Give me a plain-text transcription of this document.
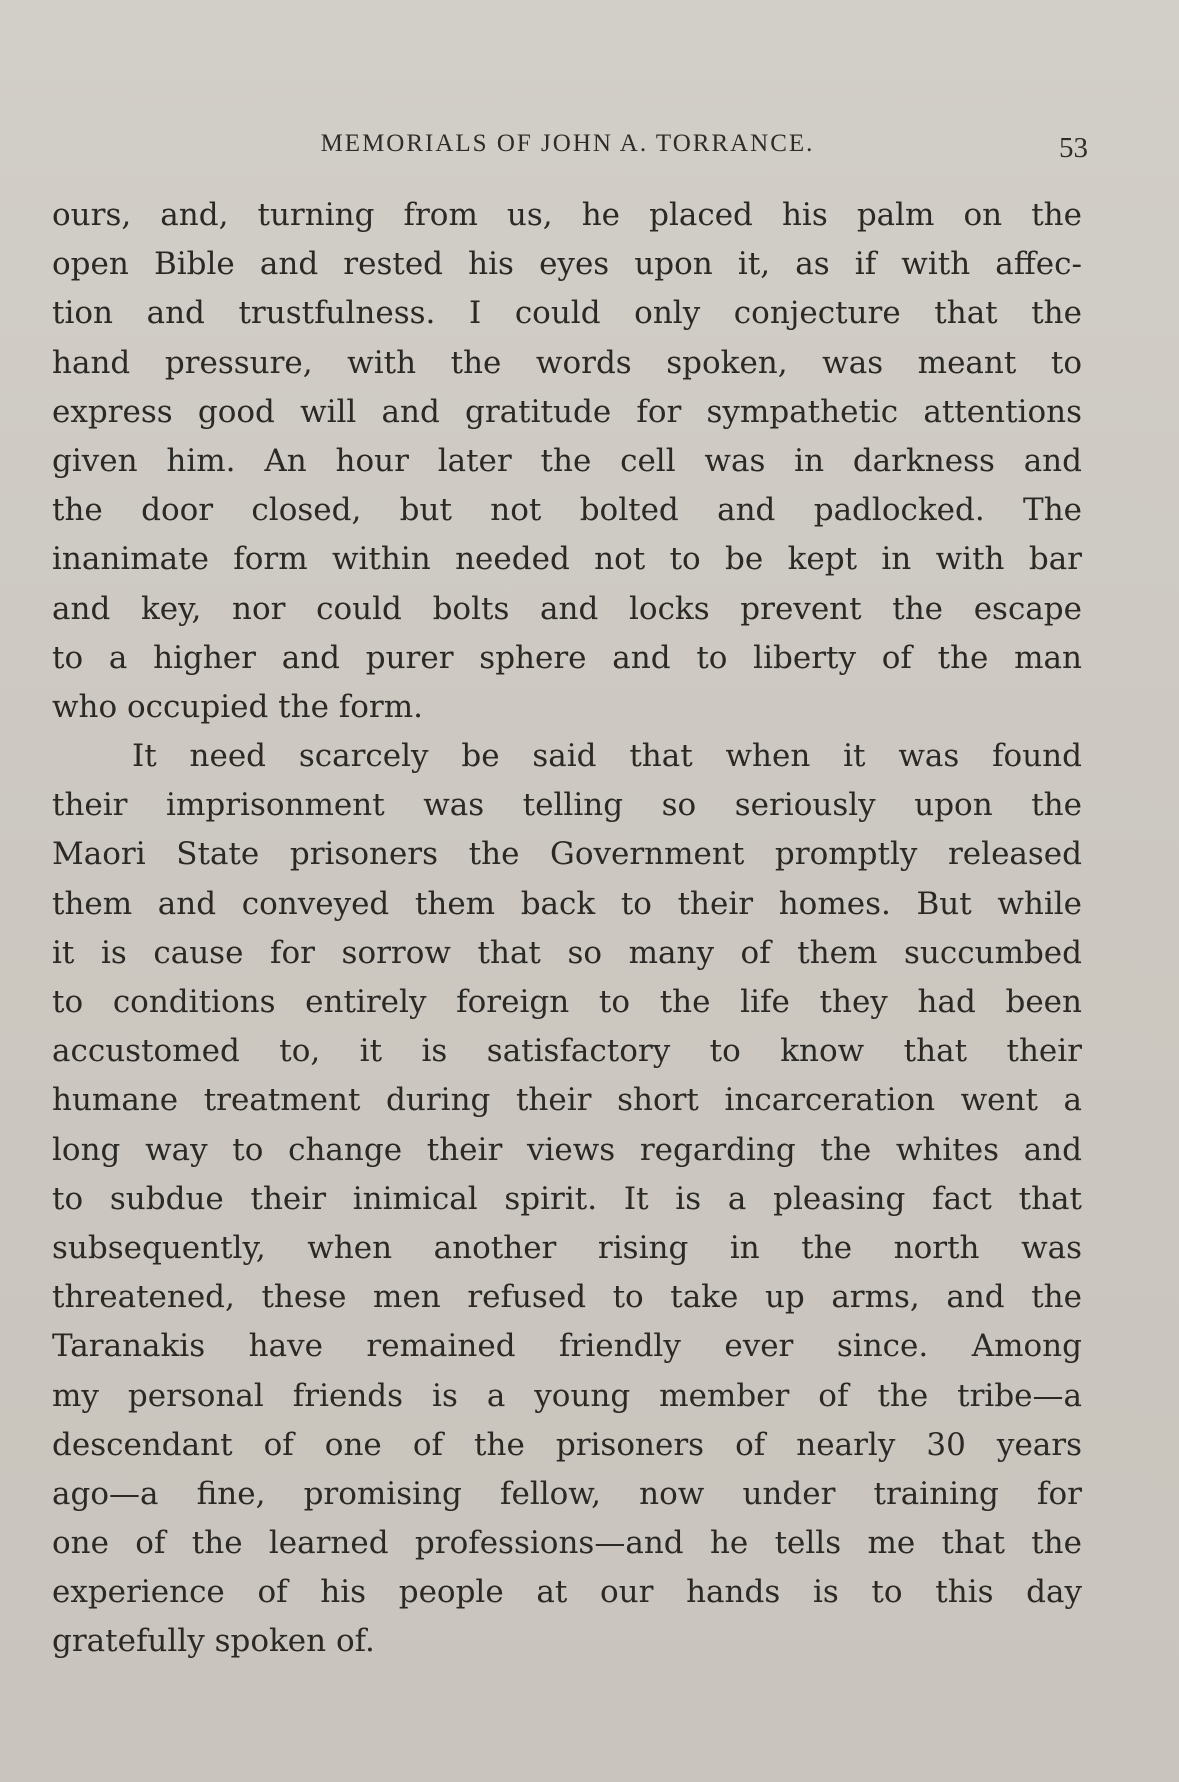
MEMORIALS OF JOHN A. TORRANCE.	53
ours, and, turning from us, he placed his palm on the
open Bible and rested his eyes upon it, as if with affec-
tion and trustfulness. I could only conjecture that the
hand pressure, with the words spoken, was meant to
express good will and gratitude for sympathetic attentions
given him. An hour later the cell was in darkness and
the door closed, but not bolted and padlocked. The
inanimate form within needed not to be kept in with bar
and key, nor could bolts and locks prevent the escape
to a higher and purer sphere and to liberty of the man
who occupied the form.
It need scarcely be said that when it was found
their imprisonment was telling so seriously upon the
Maori State prisoners the Government promptly released
them and conveyed them back to their homes. But while
it is cause for sorrow that so many of them succumbed
to conditions entirely foreign to the life they had been
accustomed to, it is satisfactory to know that their
humane treatment during their short incarceration went a
long way to change their views regarding the whites and
to subdue their inimical spirit. It is a pleasing fact that
subsequently, when another rising in the north was
threatened, these men refused to take up arms, and the
Taranakis have remained friendly ever since. Among
my personal friends is a young member of the tribe—a
descendant of one of the prisoners of nearly 30 years
ago—a fine, promising fellow, now under training for
one of the learned professions—and he tells me that the
experience of his people at our hands is to this day
gratefully spoken of.
